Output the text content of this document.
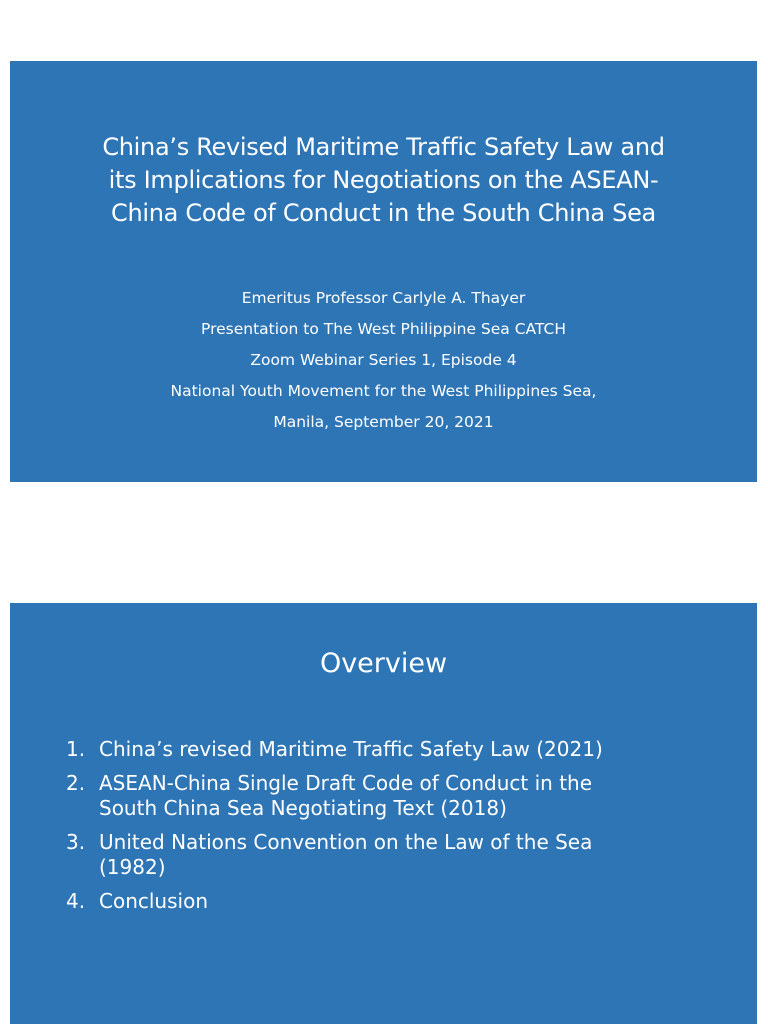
China’s Revised Maritime Traffic Safety Law and
its Implications for Negotiations on the ASEAN-
China Code of Conduct in the South China Sea
Emeritus Professor Carlyle A. Thayer
Presentation to The West Philippine Sea CATCH
Zoom Webinar Series 1, Episode 4
National Youth Movement for the West Philippines Sea,
Manila, September 20, 2021
Overview
1. China’s revised Maritime Traffic Safety Law (2021)
2. ASEAN-China Single Draft Code of Conduct in the
South China Sea Negotiating Text (2018)
3. United Nations Convention on the Law of the Sea
(1982)
4. Conclusion
